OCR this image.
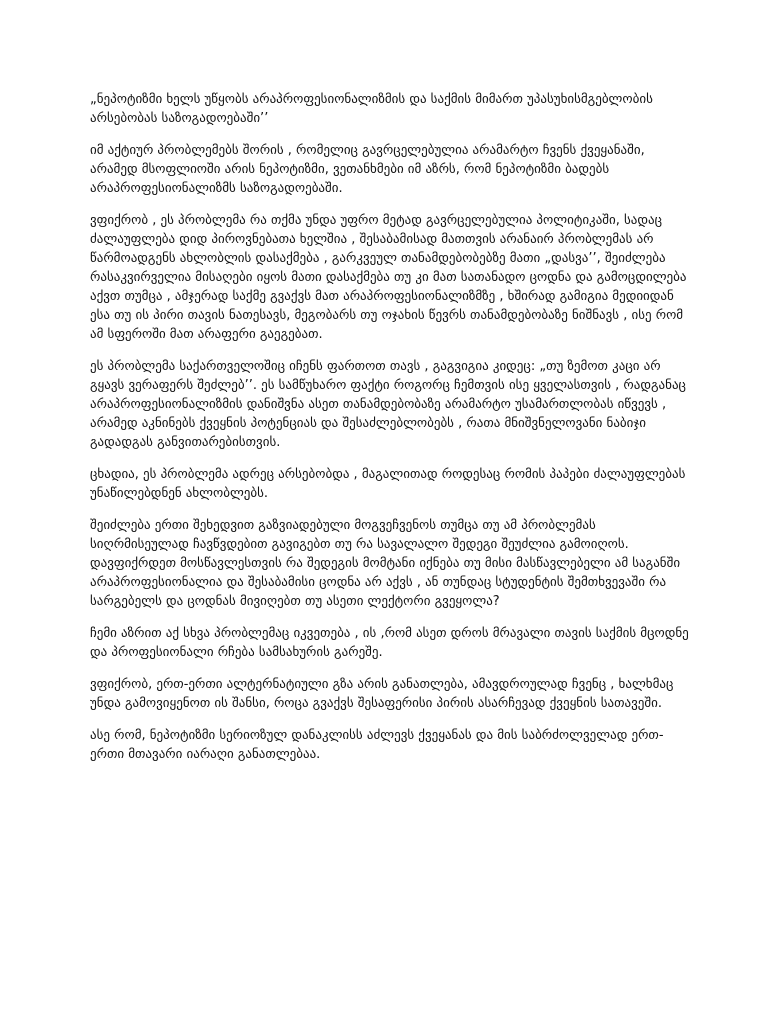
„ნეპოტიზმი ხელს უწყობს არაპროფესიონალიზმის და საქმის მიმართ უპასუხისმგებლობის არსებობას საზოგადოებაში’’

იმ აქტიურ პრობლემებს შორის , რომელიც გავრცელებულია არამარტო ჩვენს ქვეყანაში, არამედ მსოფლიოში არის ნეპოტიზმი, ვეთანხმები იმ აზრს, რომ ნეპოტიზმი ბადებს არაპროფესიონალიზმს საზოგადოებაში.

ვფიქრობ , ეს პრობლემა რა თქმა უნდა უფრო მეტად გავრცელებულია პოლიტიკაში, სადაც ძალაუფლება დიდ პიროვნებათა ხელშია , შესაბამისად მათთვის არანაირ პრობლემას არ წარმოადგენს ახლობლის დასაქმება , გარკვეულ თანამდებობებზე მათი „დასვა’’, შეიძლება რასაკვირველია მისაღები იყოს მათი დასაქმება თუ კი მათ სათანადო ცოდნა და გამოცდილება აქვთ თუმცა , ამჯერად საქმე გვაქვს მათ არაპროფესიონალიზმზე , ხშირად გამიგია მედიიდან ესა თუ ის პირი თავის ნათესავს, მეგობარს თუ ოჯახის წევრს თანამდებობაზე ნიშნავს , ისე რომ ამ სფეროში მათ არაფერი გაეგებათ.

ეს პრობლემა საქართველოშიც იჩენს ფართოთ თავს , გაგვიგია კიდეც: „თუ ზემოთ კაცი არ გყავს ვერაფერს შეძლებ’’. ეს სამწუხარო ფაქტი როგორც ჩემთვის ისე ყველასთვის , რადგანაც არაპროფესიონალიზმის დანიშვნა ასეთ თანამდებობაზე არამარტო უსამართლობას იწვევს , არამედ აკნინებს ქვეყნის პოტენციას და შესაძლებლობებს , რათა მნიშვნელოვანი ნაბიჯი გადადგას განვითარებისთვის.

ცხადია, ეს პრობლემა ადრეც არსებობდა , მაგალითად როდესაც რომის პაპები ძალაუფლებას უნაწილებდნენ ახლობლებს.

შეიძლება ერთი შეხედვით გაზვიადებული მოგვეჩვენოს თუმცა თუ ამ პრობლემას სიღრმისეულად ჩავწვდებით გავიგებთ თუ რა სავალალო შედეგი შეუძლია გამოიღოს. დავფიქრდეთ მოსწავლესთვის რა შედეგის მომტანი იქნება თუ მისი მასწავლებელი ამ საგანში არაპროფესიონალია და შესაბამისი ცოდნა არ აქვს , ან თუნდაც სტუდენტის შემთხვევაში რა სარგებელს და ცოდნას მივიღებთ თუ ასეთი ლექტორი გვეყოლა?

ჩემი აზრით აქ სხვა პრობლემაც იკვეთება , ის ,რომ ასეთ დროს მრავალი თავის საქმის მცოდნე და პროფესიონალი რჩება სამსახურის გარეშე.

ვფიქრობ, ერთ-ერთი ალტერნატიული გზა არის განათლება, ამავდროულად ჩვენც , ხალხმაც უნდა გამოვიყენოთ ის შანსი, როცა გვაქვს შესაფერისი პირის ასარჩევად ქვეყნის სათავეში.

ასე რომ, ნეპოტიზმი სერიოზულ დანაკლისს აძლევს ქვეყანას და მის საბრძოლველად ერთ-ერთი მთავარი იარაღი განათლებაა.
